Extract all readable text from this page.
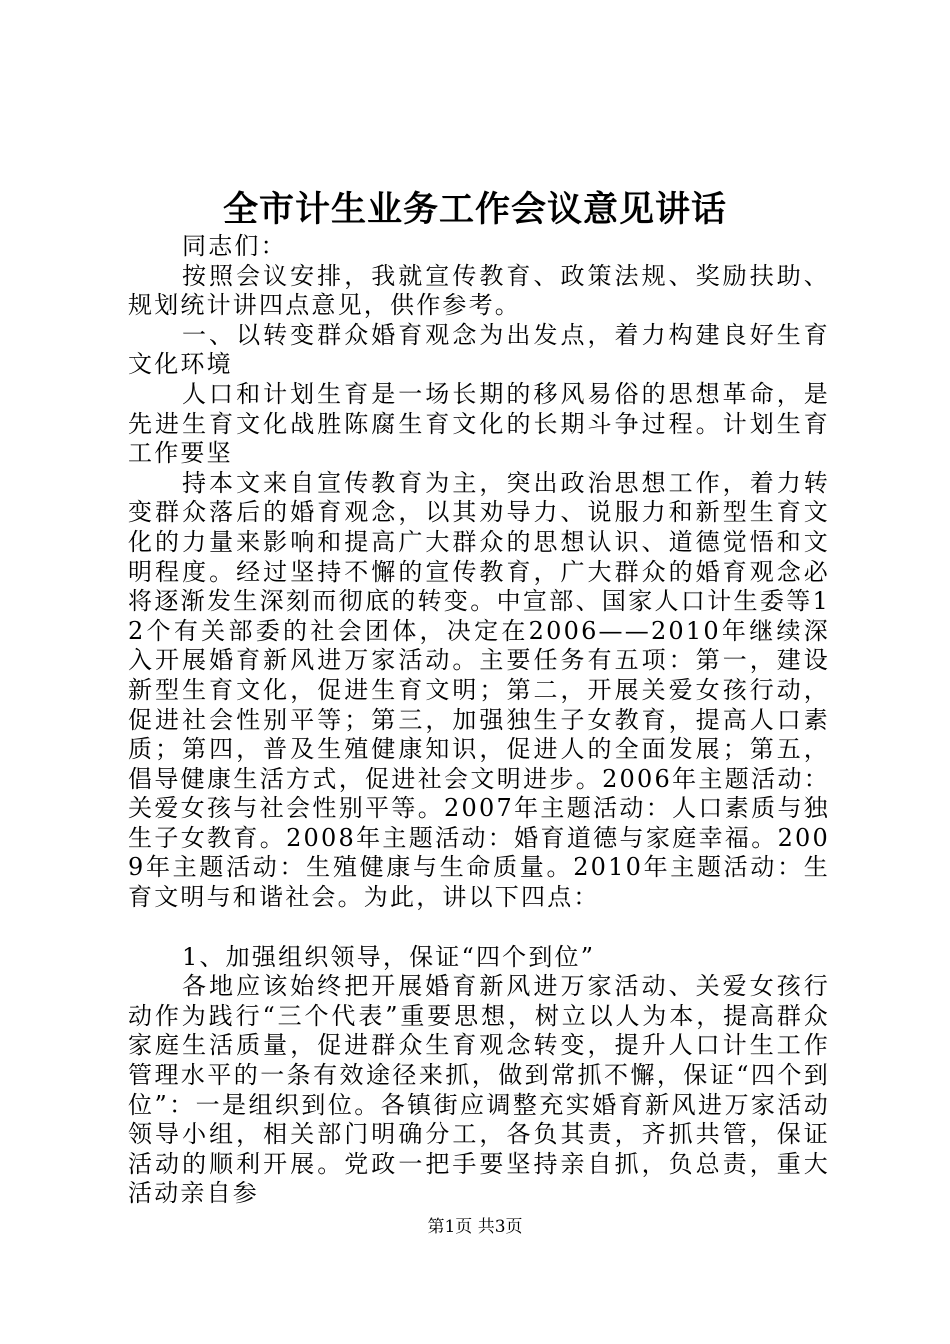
全市计生业务工作会议意见讲话

同志们：

按照会议安排，我就宣传教育、政策法规、奖励扶助、规划统计讲四点意见，供作参考。

一、以转变群众婚育观念为出发点，着力构建良好生育文化环境

人口和计划生育是一场长期的移风易俗的思想革命，是先进生育文化战胜陈腐生育文化的长期斗争过程。计划生育工作要坚

持本文来自宣传教育为主，突出政治思想工作，着力转变群众落后的婚育观念，以其劝导力、说服力和新型生育文化的力量来影响和提高广大群众的思想认识、道德觉悟和文明程度。经过坚持不懈的宣传教育，广大群众的婚育观念必将逐渐发生深刻而彻底的转变。中宣部、国家人口计生委等12个有关部委的社会团体，决定在2006——2010年继续深入开展婚育新风进万家活动。主要任务有五项：第一，建设新型生育文化，促进生育文明；第二，开展关爱女孩行动，促进社会性别平等；第三，加强独生子女教育，提高人口素质；第四，普及生殖健康知识，促进人的全面发展；第五，倡导健康生活方式，促进社会文明进步。2006年主题活动：关爱女孩与社会性别平等。2007年主题活动：人口素质与独生子女教育。2008年主题活动：婚育道德与家庭幸福。2009年主题活动：生殖健康与生命质量。2010年主题活动：生育文明与和谐社会。为此，讲以下四点：

1、加强组织领导，保证“四个到位”

各地应该始终把开展婚育新风进万家活动、关爱女孩行动作为践行“三个代表”重要思想，树立以人为本，提高群众家庭生活质量，促进群众生育观念转变，提升人口计生工作管理水平的一条有效途径来抓，做到常抓不懈，保证“四个到位”：一是组织到位。各镇街应调整充实婚育新风进万家活动领导小组，相关部门明确分工，各负其责，齐抓共管，保证活动的顺利开展。党政一把手要坚持亲自抓，负总责，重大活动亲自参

第1页 共3页
